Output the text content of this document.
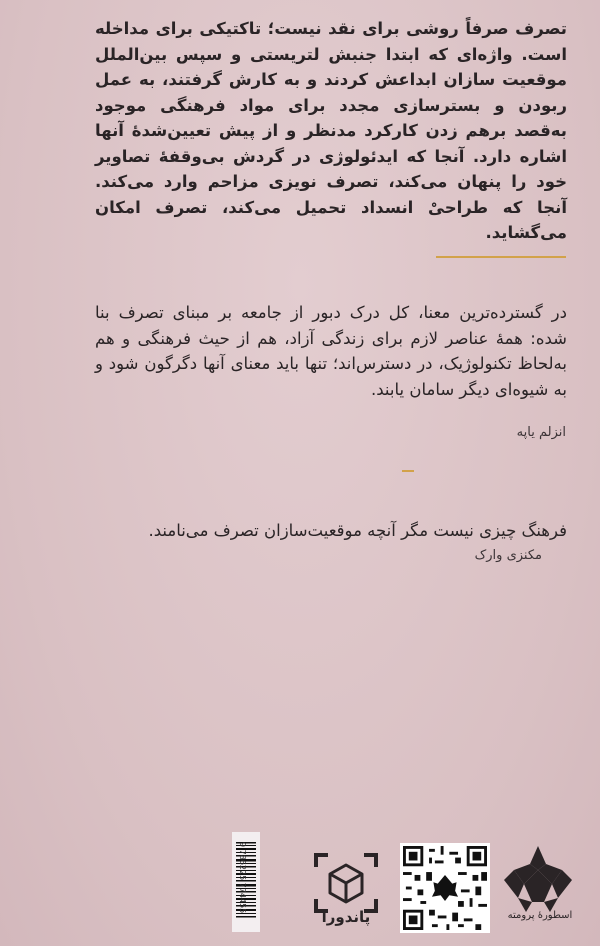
تصرف صرفاً روشی برای نقد نیست؛ تاکتیکی برای مداخله است. واژه‌ای که ابتدا جنبش لتریستی و سپس بین‌الملل موقعیت سازان ابداعش کردند و به کارش گرفتند، به عمل ربودن و بسترسازی مجدد برای مواد فرهنگی موجود به‌قصد برهم زدن کارکرد مدنظر و از پیش تعیین‌شدهٔ آنها اشاره دارد. آنجا که ایدئولوژی در گردش بی‌وقفهٔ تصاویر خود را پنهان می‌کند، تصرف نویزی مزاحم وارد می‌کند. آنجا که طراحیْ انسداد تحمیل می‌کند، تصرف امکان می‌گشاید.
در گسترده‌ترین معنا، کل درک دبور از جامعه بر مبنای تصرف بنا شده: همهٔ عناصر لازم برای زندگی آزاد، هم از حیث فرهنگی و هم به‌لحاظ تکنولوژیک، در دسترس‌اند؛ تنها باید معنای آنها دگرگون شود و به شیوه‌ای دیگر سامان یابند.
انزلم یاپه
فرهنگ چیزی نیست مگر آنچه موقعیت‌سازان تصرف می‌نامند.
مکنزی وارک
9 786225 774455
پاندورا	اسطورهٔ پرومته
